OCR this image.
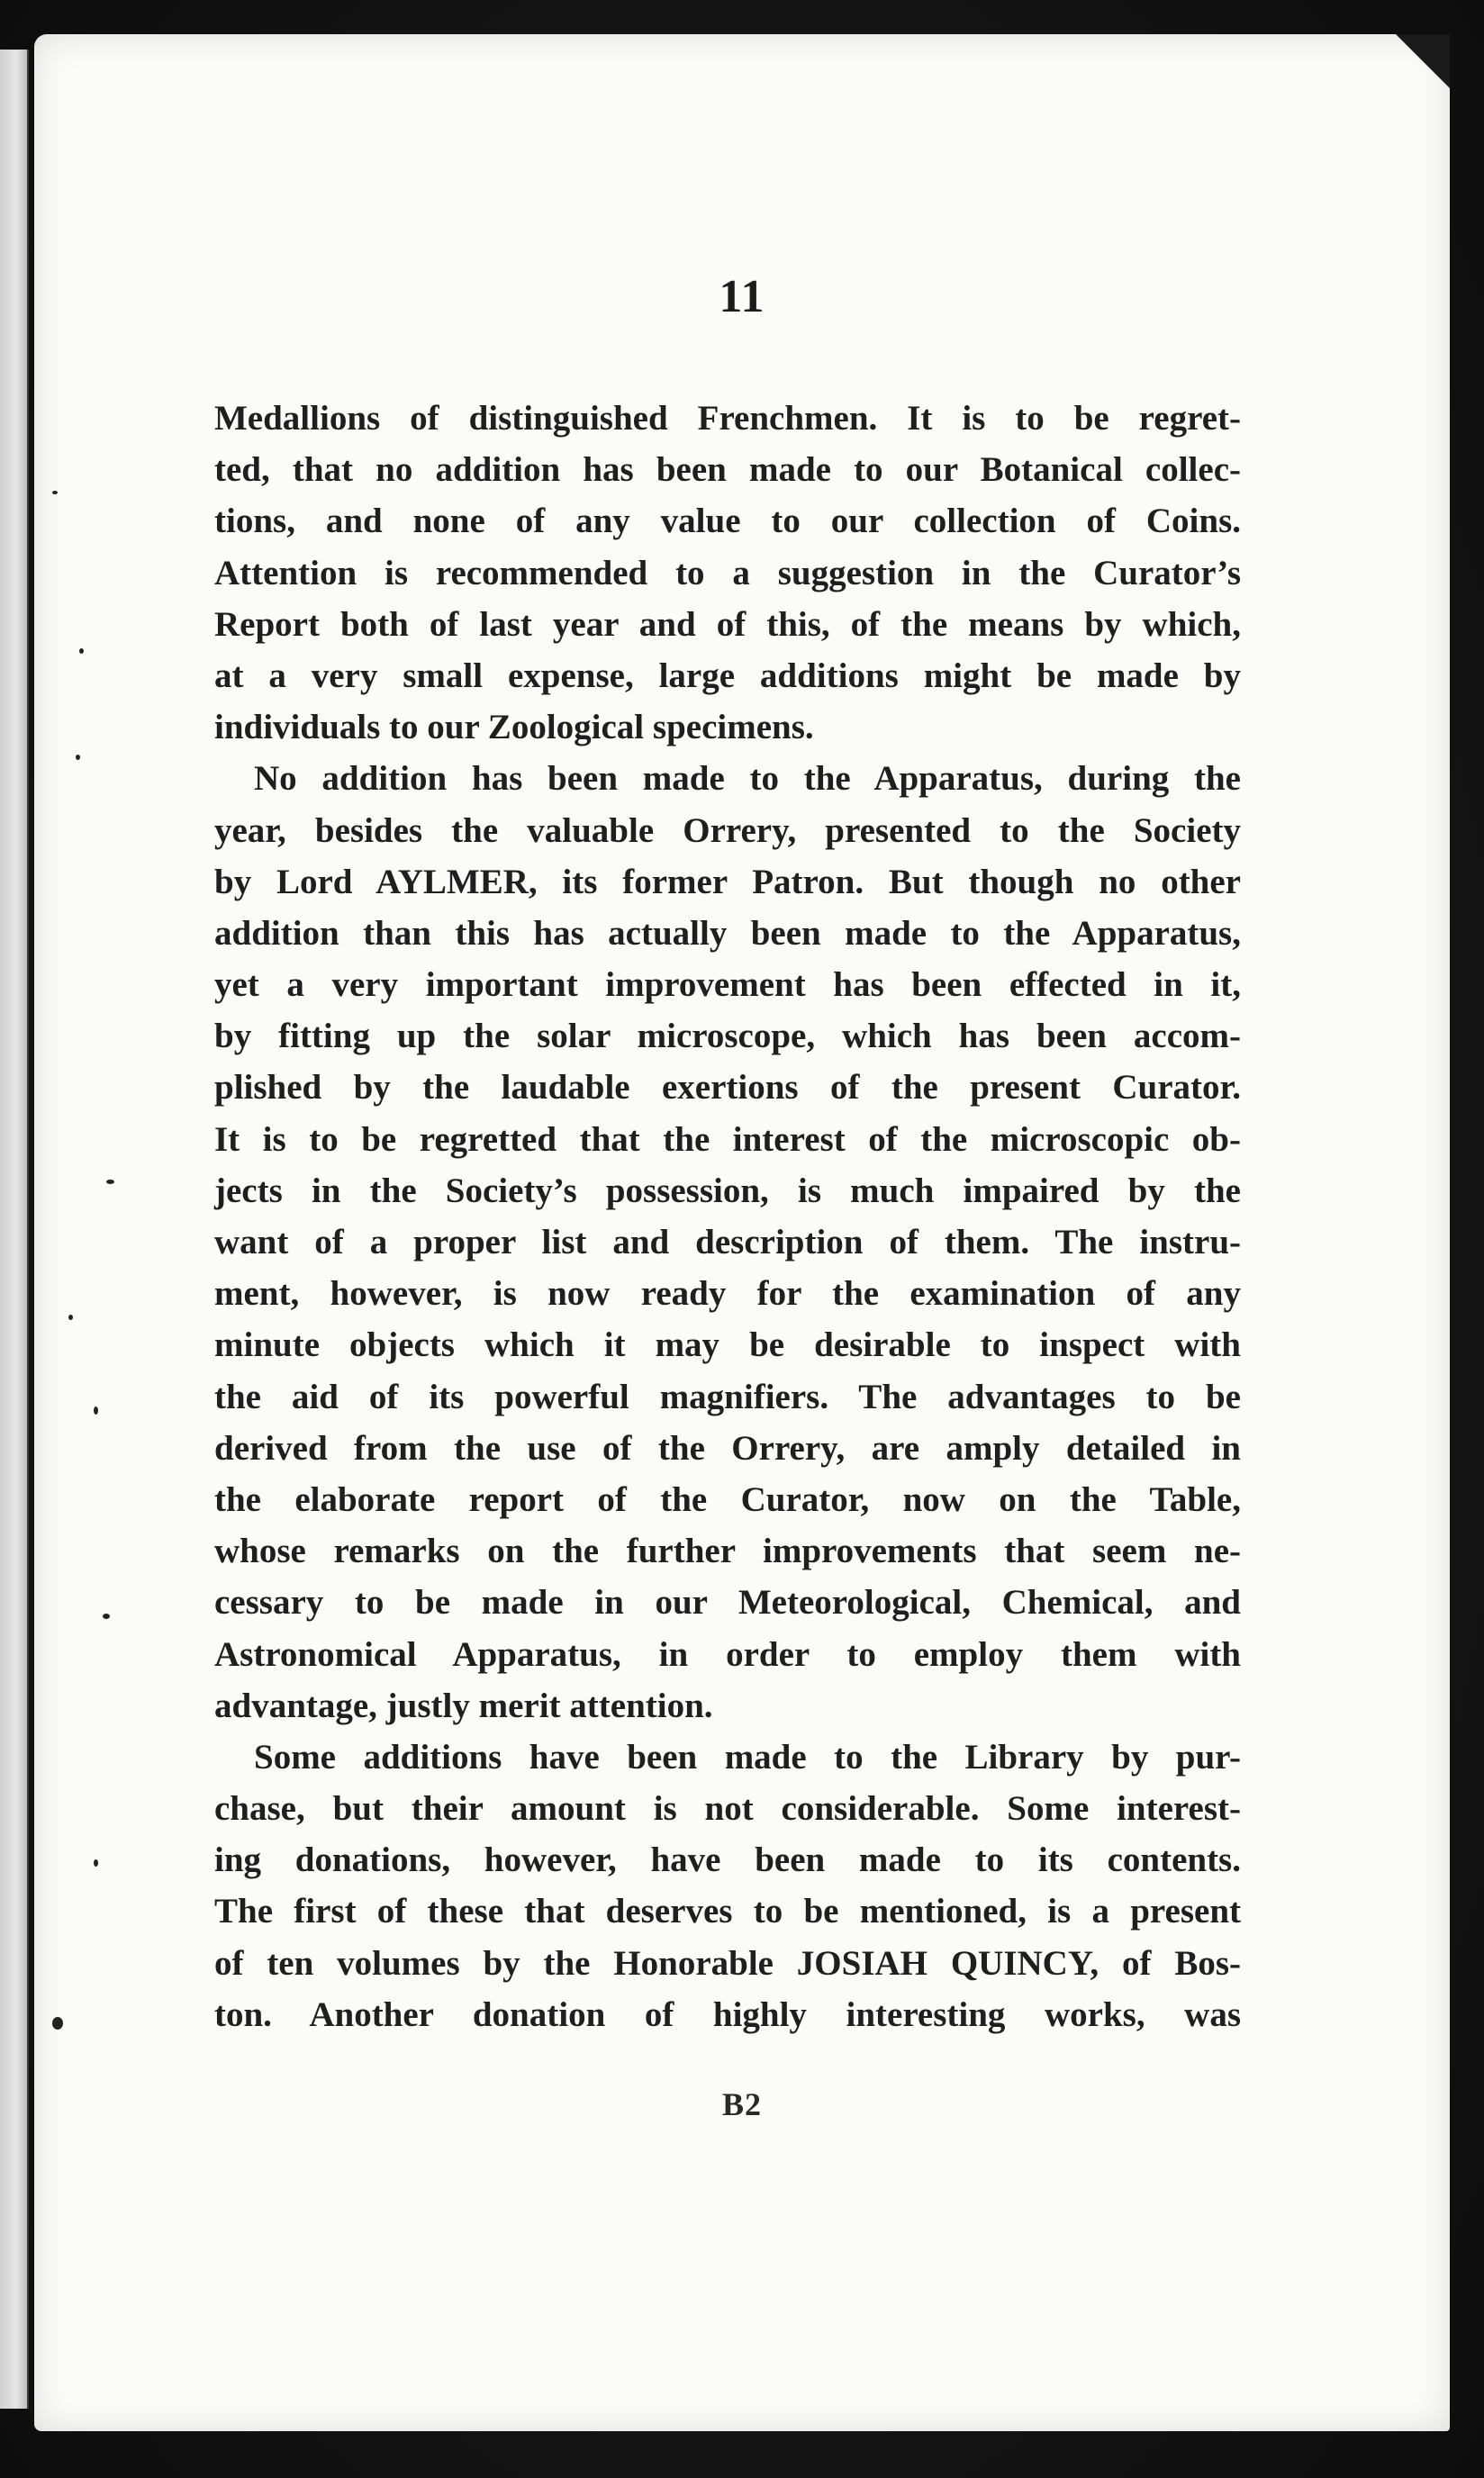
11
Medallions of distinguished Frenchmen. It is to be regret-
ted, that no addition has been made to our Botanical collec-
tions, and none of any value to our collection of Coins.
Attention is recommended to a suggestion in the Curator’s
Report both of last year and of this, of the means by which,
at a very small expense, large additions might be made by
individuals to our Zoological specimens.
No addition has been made to the Apparatus, during the
year, besides the valuable Orrery, presented to the Society
by Lord AYLMER, its former Patron. But though no other
addition than this has actually been made to the Apparatus,
yet a very important improvement has been effected in it,
by fitting up the solar microscope, which has been accom-
plished by the laudable exertions of the present Curator.
It is to be regretted that the interest of the microscopic ob-
jects in the Society’s possession, is much impaired by the
want of a proper list and description of them. The instru-
ment, however, is now ready for the examination of any
minute objects which it may be desirable to inspect with
the aid of its powerful magnifiers. The advantages to be
derived from the use of the Orrery, are amply detailed in
the elaborate report of the Curator, now on the Table,
whose remarks on the further improvements that seem ne-
cessary to be made in our Meteorological, Chemical, and
Astronomical Apparatus, in order to employ them with
advantage, justly merit attention.
Some additions have been made to the Library by pur-
chase, but their amount is not considerable. Some interest-
ing donations, however, have been made to its contents.
The first of these that deserves to be mentioned, is a present
of ten volumes by the Honorable JOSIAH QUINCY, of Bos-
ton. Another donation of highly interesting works, was
B2
